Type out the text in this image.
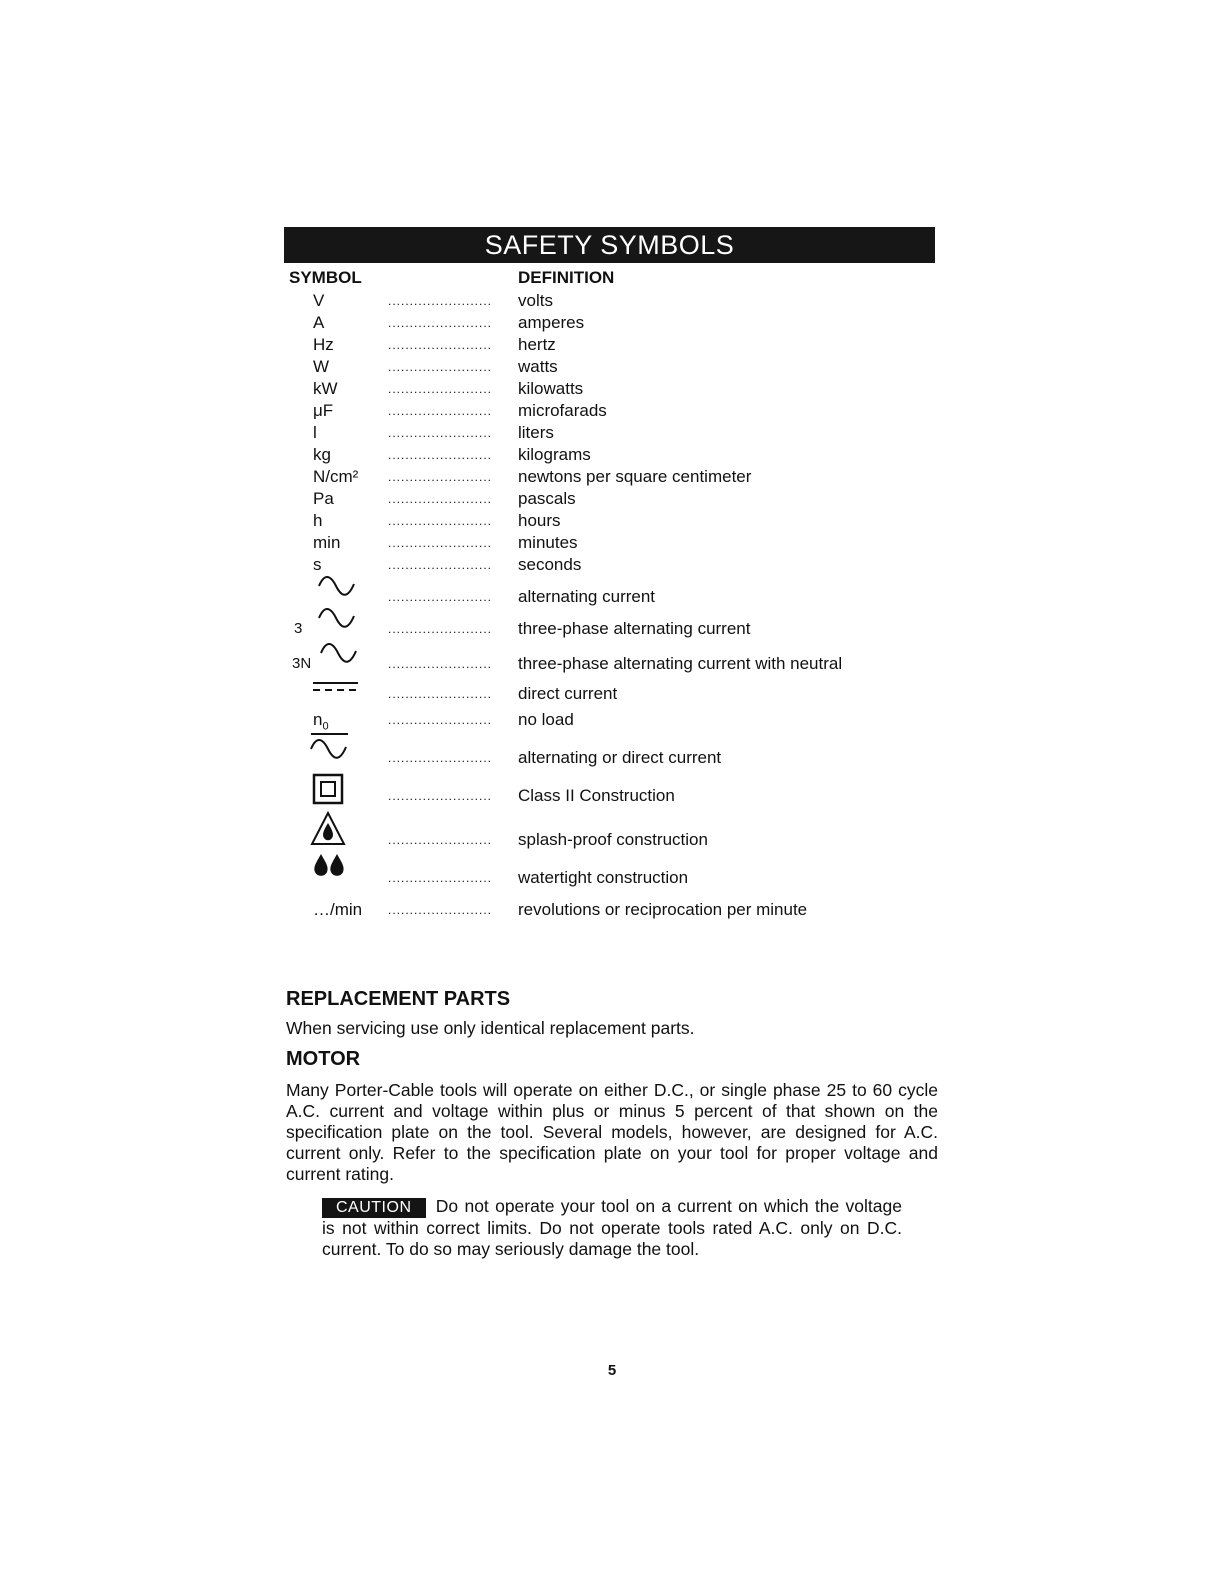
SAFETY SYMBOLS
SYMBOL	DEFINITION
V	........................	volts
A	........................	amperes
Hz	........................	hertz
W	........................	watts
kW	........................	kilowatts
μF	........................	microfarads
l	........................	liters
kg	........................	kilograms
N/cm² ........................	newtons per square centimeter
Pa	........................	pascals
h	........................	hours
min	........................	minutes
s	........................	seconds
........................	alternating current
3	........................	three-phase alternating current
3N	........................	three-phase alternating current with neutral
........................	direct current
$n_0$	........................	no load
........................	alternating or direct current
........................	Class II Construction
........................	splash-proof construction
........................	watertight construction
…/min ........................	revolutions or reciprocation per minute
REPLACEMENT PARTS
When servicing use only identical replacement parts.
MOTOR
Many Porter-Cable tools will operate on either D.C., or single phase 25 to 60 cycle A.C. current and voltage within plus or minus 5 percent of that shown on the specification plate on the tool. Several models, however, are designed for A.C. current only. Refer to the specification plate on your tool for proper voltage and current rating.
CAUTION Do not operate your tool on a current on which the voltage is not within correct limits. Do not operate tools rated A.C. only on D.C. current. To do so may seriously damage the tool.
5
